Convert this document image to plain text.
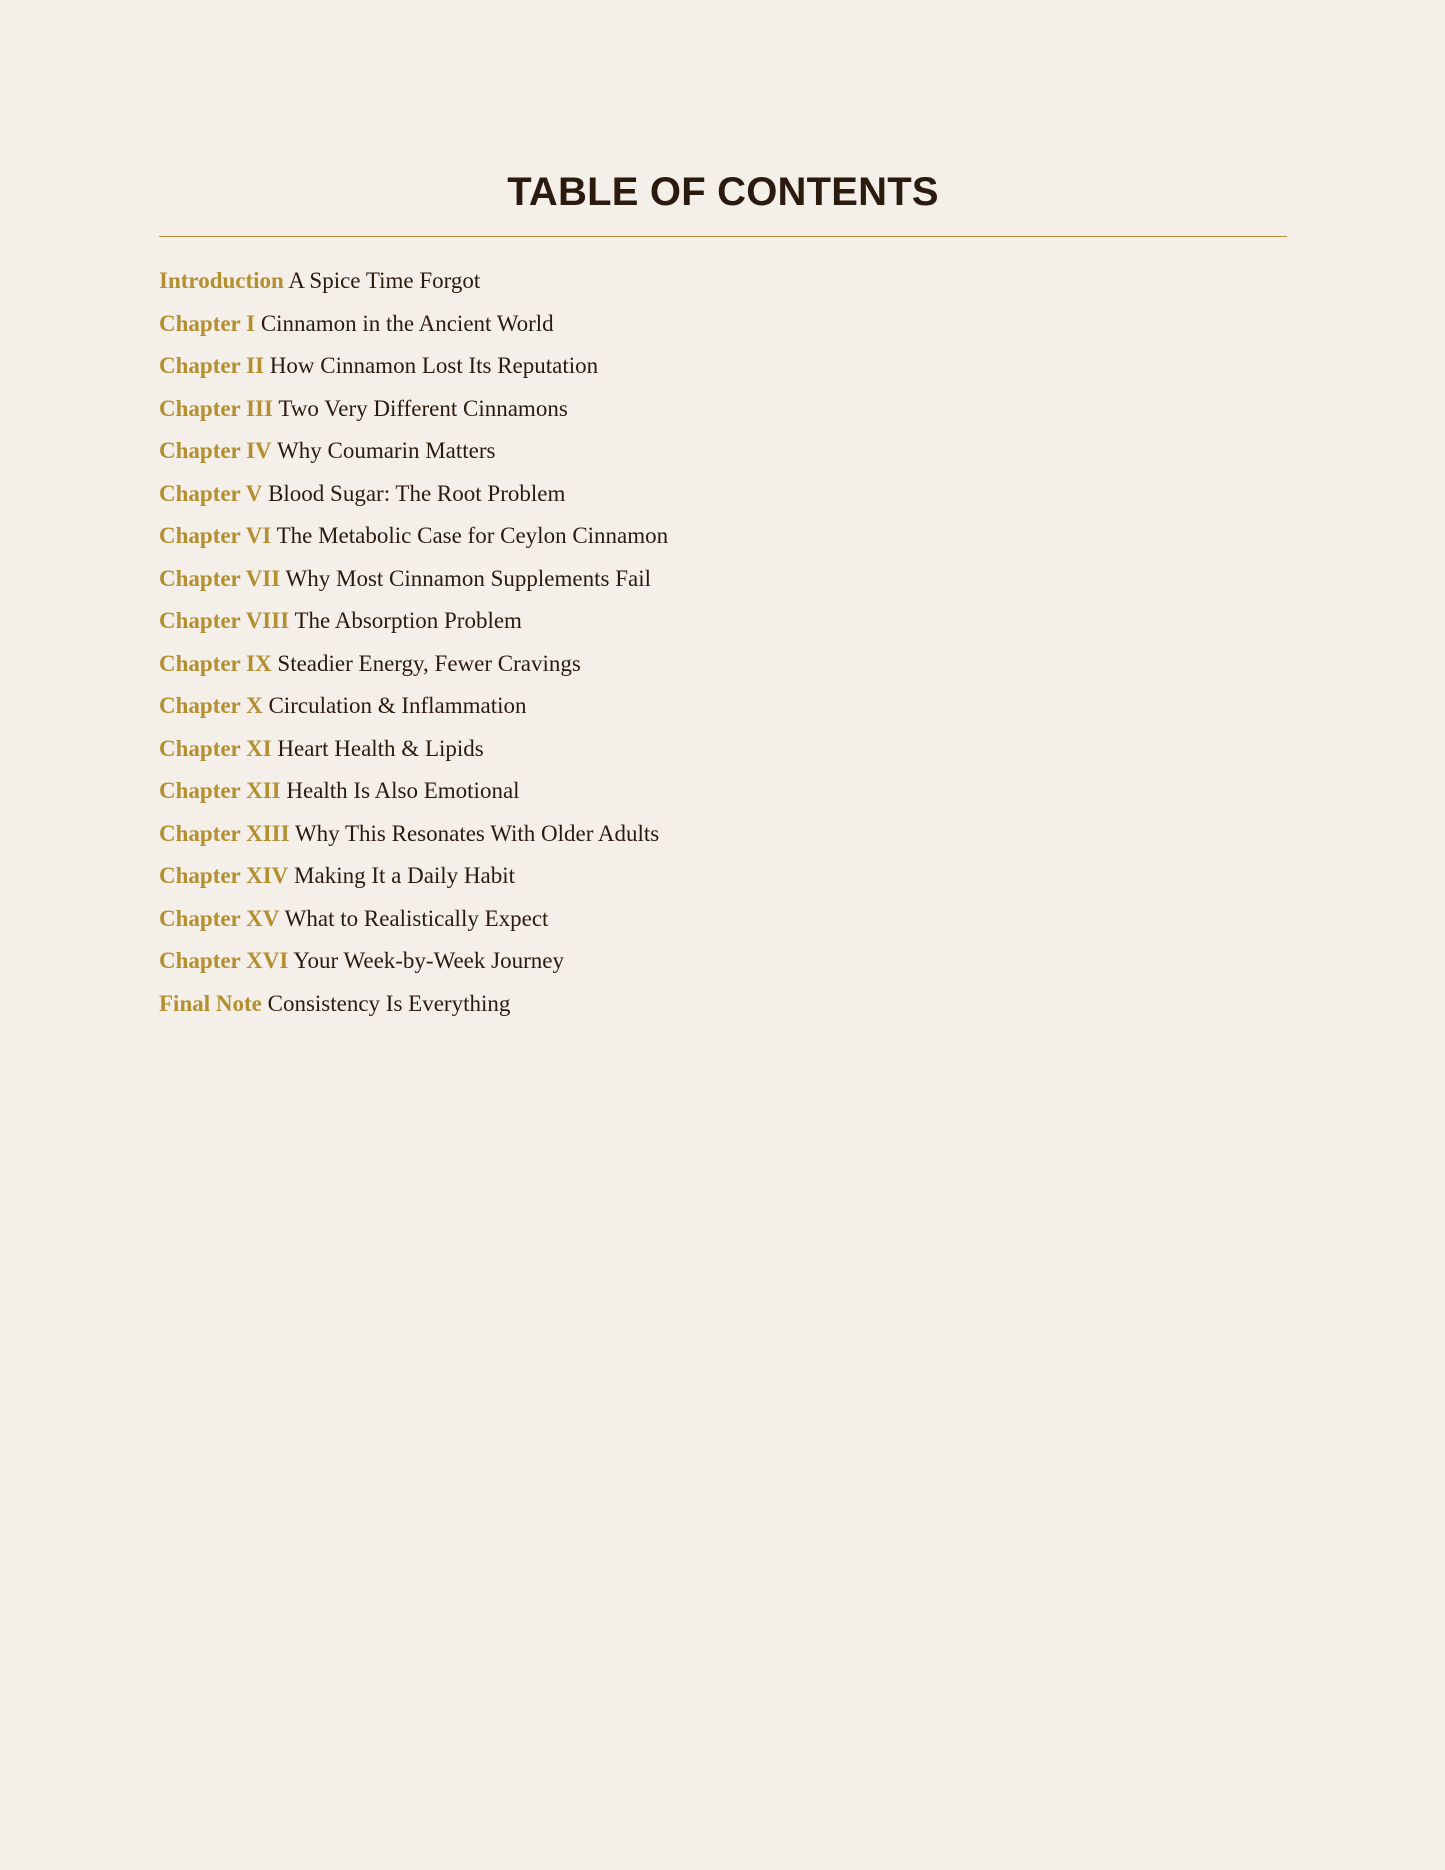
TABLE OF CONTENTS
Introduction A Spice Time Forgot
Chapter I Cinnamon in the Ancient World
Chapter II How Cinnamon Lost Its Reputation
Chapter III Two Very Different Cinnamons
Chapter IV Why Coumarin Matters
Chapter V Blood Sugar: The Root Problem
Chapter VI The Metabolic Case for Ceylon Cinnamon
Chapter VII Why Most Cinnamon Supplements Fail
Chapter VIII The Absorption Problem
Chapter IX Steadier Energy, Fewer Cravings
Chapter X Circulation & Inflammation
Chapter XI Heart Health & Lipids
Chapter XII Health Is Also Emotional
Chapter XIII Why This Resonates With Older Adults
Chapter XIV Making It a Daily Habit
Chapter XV What to Realistically Expect
Chapter XVI Your Week-by-Week Journey
Final Note Consistency Is Everything
